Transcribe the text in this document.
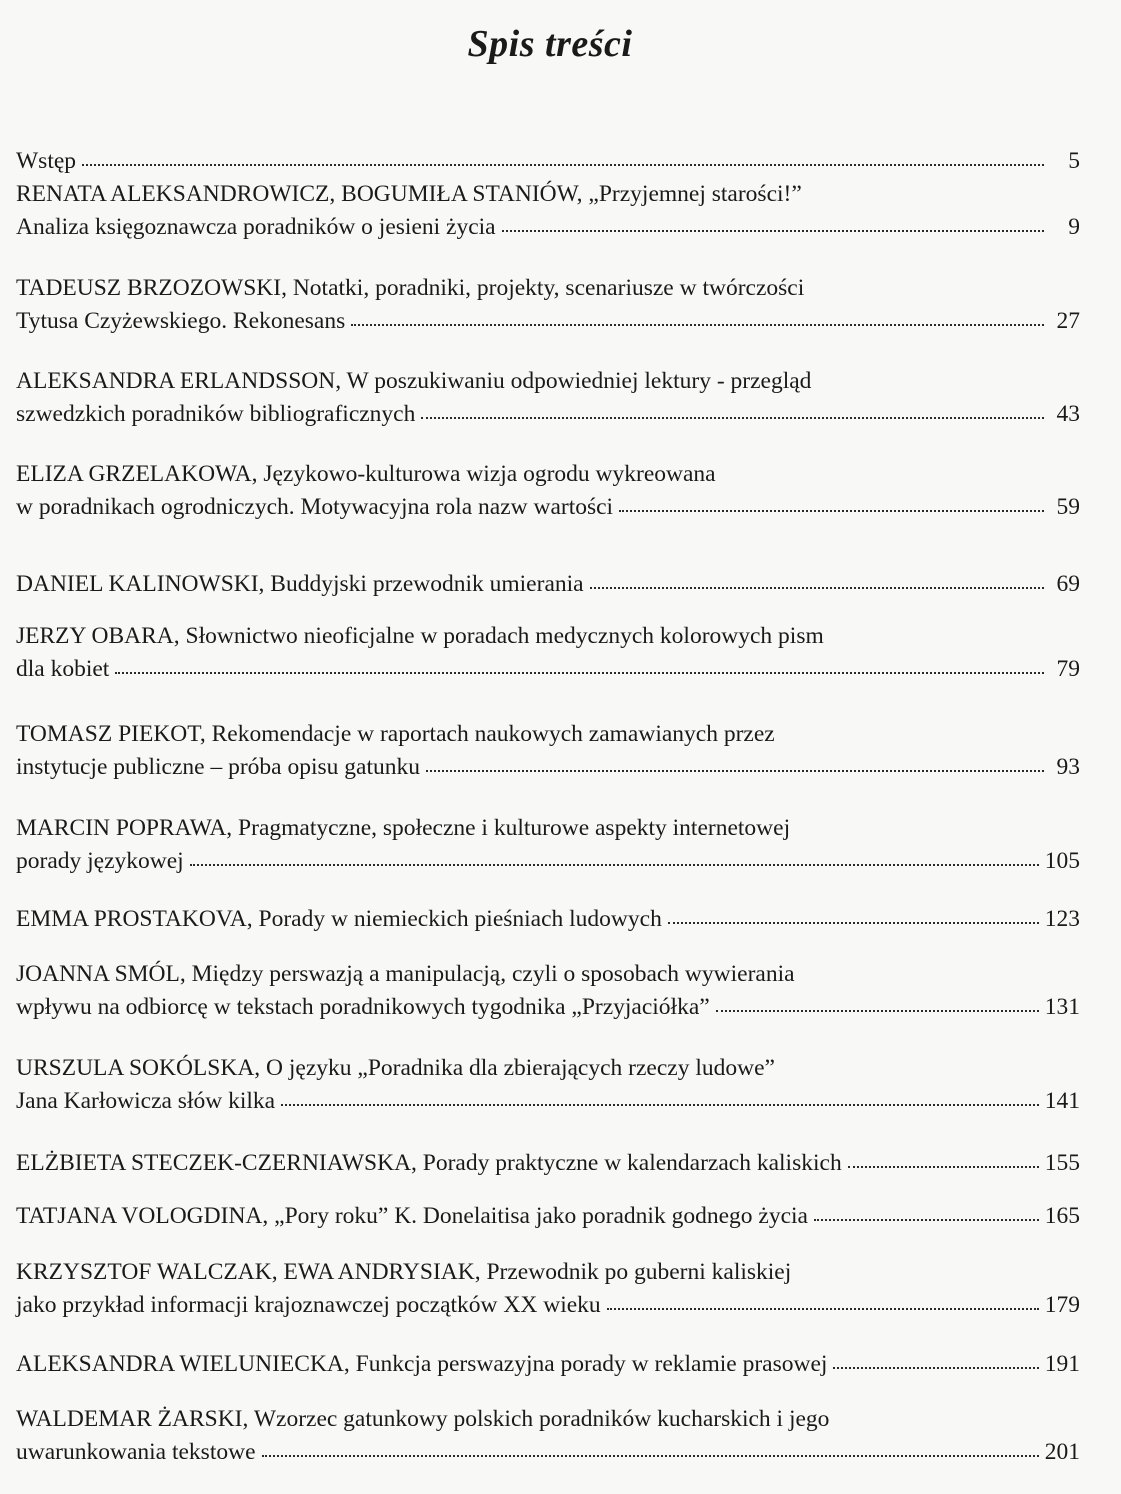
Spis treści
Wstęp	5
RENATA ALEKSANDROWICZ, BOGUMIŁA STANIÓW, „Przyjemnej starości!”
Analiza księgoznawcza poradników o jesieni życia	9
TADEUSZ BRZOZOWSKI, Notatki, poradniki, projekty, scenariusze w twórczości
Tytusa Czyżewskiego. Rekonesans	27
ALEKSANDRA ERLANDSSON, W poszukiwaniu odpowiedniej lektury - przegląd
szwedzkich poradników bibliograficznych	43
ELIZA GRZELAKOWA, Językowo-kulturowa wizja ogrodu wykreowana
w poradnikach ogrodniczych. Motywacyjna rola nazw wartości	59
DANIEL KALINOWSKI, Buddyjski przewodnik umierania	69
JERZY OBARA, Słownictwo nieoficjalne w poradach medycznych kolorowych pism
dla kobiet	79
TOMASZ PIEKOT, Rekomendacje w raportach naukowych zamawianych przez
instytucje publiczne – próba opisu gatunku	93
MARCIN POPRAWA, Pragmatyczne, społeczne i kulturowe aspekty internetowej
porady językowej	105
EMMA PROSTAKOVA, Porady w niemieckich pieśniach ludowych	123
JOANNA SMÓL, Między perswazją a manipulacją, czyli o sposobach wywierania
wpływu na odbiorcę w tekstach poradnikowych tygodnika „Przyjaciółka”	131
URSZULA SOKÓLSKA, O języku „Poradnika dla zbierających rzeczy ludowe”
Jana Karłowicza słów kilka	141
ELŻBIETA STECZEK-CZERNIAWSKA, Porady praktyczne w kalendarzach kaliskich	155
TATJANA VOLOGDINA, „Pory roku” K. Donelaitisa jako poradnik godnego życia	165
KRZYSZTOF WALCZAK, EWA ANDRYSIAK, Przewodnik po guberni kaliskiej
jako przykład informacji krajoznawczej początków XX wieku	179
ALEKSANDRA WIELUNIECKA, Funkcja perswazyjna porady w reklamie prasowej	191
WALDEMAR ŻARSKI, Wzorzec gatunkowy polskich poradników kucharskich i jego
uwarunkowania tekstowe	201
